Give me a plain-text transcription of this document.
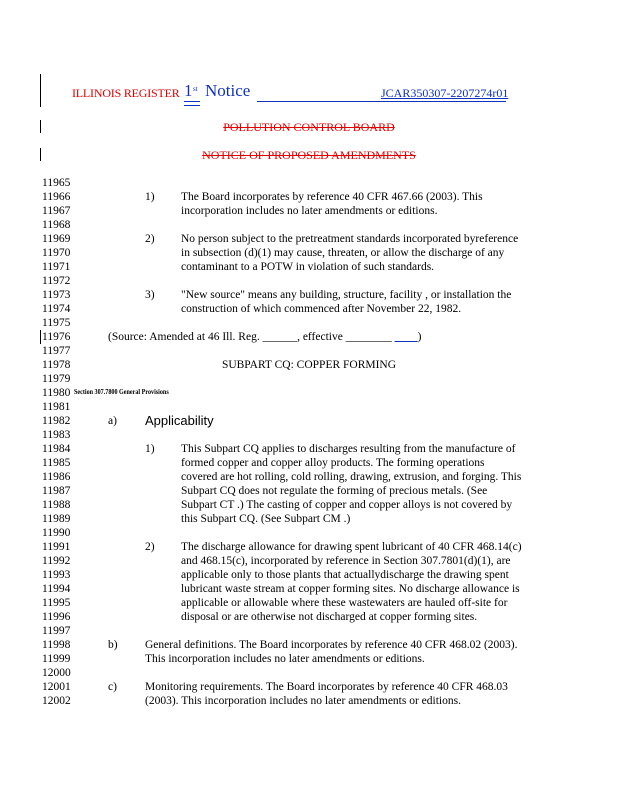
ILLINOIS REGISTER 1 st Notice	JCAR350307-2207274r01
POLLUTION CONTROL BOARD
NOTICE OF PROPOSED AMENDMENTS
11965
11966	1) The Board incorporates by reference 40 CFR 467.66 (2003). This
11967	incorporation includes no later amendments or editions.
11968
11969	2) No person subject to the pretreatment standards incorporated byreference
11970	in subsection (d)(1) may cause, threaten, or allow the discharge of any
11971	contaminant to a POTW in violation of such standards.
11972
11973	3) "New source" means any building, structure, facility , or installation the
11974	construction of which commenced after November 22, 1982.
11975
11976	(Source: Amended at 46 Ill. Reg. ______, effective ________ ____)
11977
11978	SUBPART CQ: COPPER FORMING
11979
11980 Section 307.7800 General Provisions
11981
11982	a) Applicability
11983
11984	1) This Subpart CQ applies to discharges resulting from the manufacture of
11985	formed copper and copper alloy products. The forming operations
11986	covered are hot rolling, cold rolling, drawing, extrusion, and forging. This
11987	Subpart CQ does not regulate the forming of precious metals. (See
11988	Subpart CT .) The casting of copper and copper alloys is not covered by
11989	this Subpart CQ. (See Subpart CM .)
11990
11991	2) The discharge allowance for drawing spent lubricant of 40 CFR 468.14(c)
11992	and 468.15(c), incorporated by reference in Section 307.7801(d)(1), are
11993	applicable only to those plants that actuallydischarge the drawing spent
11994	lubricant waste stream at copper forming sites. No discharge allowance is
11995	applicable or allowable where these wastewaters are hauled off-site for
11996	disposal or are otherwise not discharged at copper forming sites.
11997
11998	b) General definitions. The Board incorporates by reference 40 CFR 468.02 (2003).
11999	This incorporation includes no later amendments or editions.
12000
12001	c) Monitoring requirements. The Board incorporates by reference 40 CFR 468.03
12002	(2003). This incorporation includes no later amendments or editions.
